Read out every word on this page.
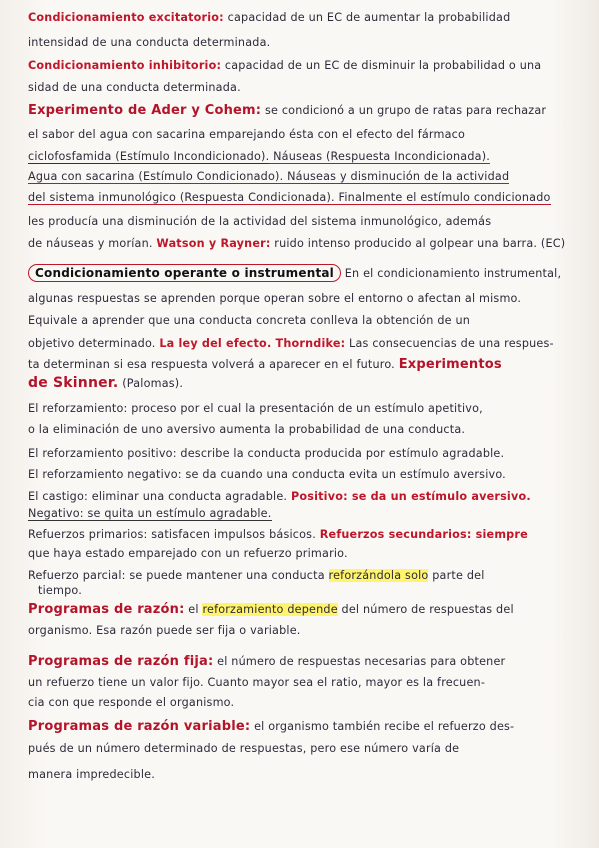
Condicionamiento excitatorio: capacidad de un EC de aumentar la probabilidad
intensidad de una conducta determinada.
Condicionamiento inhibitorio: capacidad de un EC de disminuir la probabilidad o una
sidad de una conducta determinada.
Experimento de Ader y Cohem: se condicionó a un grupo de ratas para rechazar
el sabor del agua con sacarina emparejando ésta con el efecto del fármaco
ciclofosfamida (Estímulo Incondicionado). Náuseas (Respuesta Incondicionada).
Agua con sacarina (Estímulo Condicionado). Náuseas y disminución de la actividad
del sistema inmunológico (Respuesta Condicionada). Finalmente el estímulo condicionado
les producía una disminución de la actividad del sistema inmunológico, además
de náuseas y morían. Watson y Rayner: ruido intenso producido al golpear una barra. (EC)
Condicionamiento operante o instrumental En el condicionamiento instrumental,
algunas respuestas se aprenden porque operan sobre el entorno o afectan al mismo.
Equivale a aprender que una conducta concreta conlleva la obtención de un
objetivo determinado. La ley del efecto. Thorndike: Las consecuencias de una respues-
ta determinan si esa respuesta volverá a aparecer en el futuro. Experimentos
de Skinner. (Palomas).
El reforzamiento: proceso por el cual la presentación de un estímulo apetitivo,
o la eliminación de uno aversivo aumenta la probabilidad de una conducta.
El reforzamiento positivo: describe la conducta producida por estímulo agradable.
El reforzamiento negativo: se da cuando una conducta evita un estímulo aversivo.
El castigo: eliminar una conducta agradable. Positivo: se da un estímulo aversivo.
Negativo: se quita un estímulo agradable.
Refuerzos primarios: satisfacen impulsos básicos. Refuerzos secundarios: siempre
que haya estado emparejado con un refuerzo primario.
Refuerzo parcial: se puede mantener una conducta reforzándola solo parte del
tiempo.
Programas de razón: el reforzamiento depende del número de respuestas del
organismo. Esa razón puede ser fija o variable.
Programas de razón fija: el número de respuestas necesarias para obtener
un refuerzo tiene un valor fijo. Cuanto mayor sea el ratio, mayor es la frecuen-
cia con que responde el organismo.
Programas de razón variable: el organismo también recibe el refuerzo des-
pués de un número determinado de respuestas, pero ese número varía de
manera impredecible.
